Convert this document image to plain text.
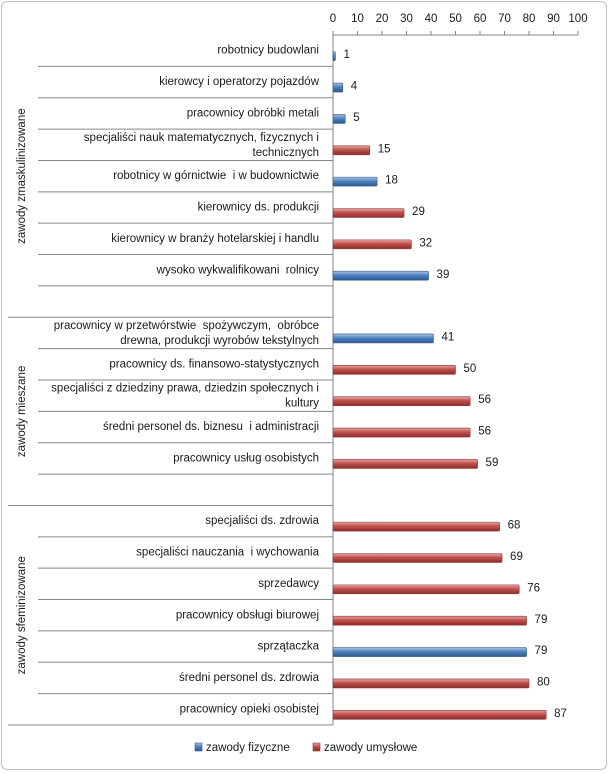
0 10 20 30 40 50 60 70 80 90 100
robotnicy budowlani 1
kierowcy i operatorzy pojazdów	4
pracownicy obróbki metali	5
specjaliści nauk matematycznych, fizycznych i
technicznych	15
robotnicy w górnictwie  i w budownictwie	18
kierownicy ds. produkcji	29
kierownicy w branży hotelarskiej i handlu	32
wysoko wykwalifikowani  rolnicy	39
pracownicy w przetwórstwie  spożywczym,  obróbce
drewna, produkcji wyrobów tekstylnych	41
pracownicy ds. finansowo-statystycznych	50
specjaliści z dziedziny prawa, dziedzin społecznych i
kultury	56
średni personel ds. biznesu  i administracji	56
pracownicy usług osobistych	59
specjaliści ds. zdrowia	68
specjaliści nauczania  i wychowania	69
sprzedawcy	76
pracownicy obsługi biurowej	79
sprzątaczka	79
średni personel ds. zdrowia	80
pracownicy opieki osobistej	87
zawody zmaskulinizowane
zawody mieszane
zawody sfeminizowane
zawody fizyczne	zawody umysłowe
